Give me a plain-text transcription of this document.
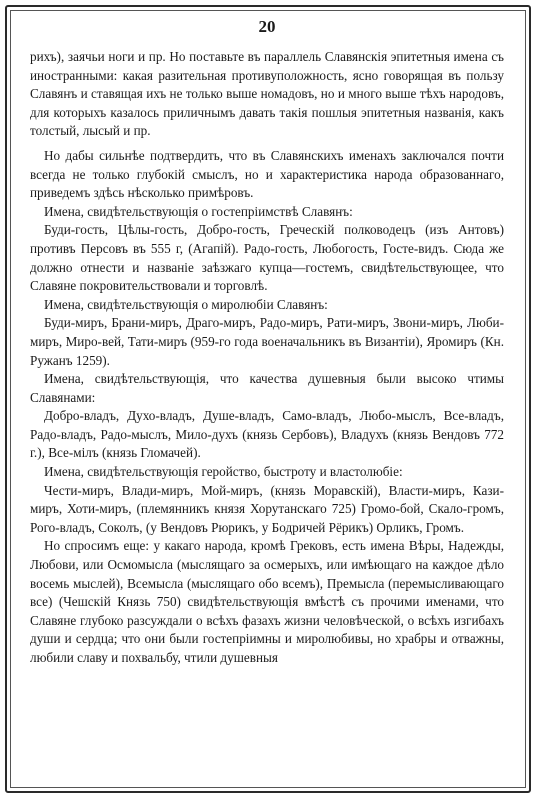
20

рихъ), заячьи ноги и пр. Но поставьте въ параллель Славянскія эпитетныя имена съ иностранными: какая разительная противуположность, ясно говорящая въ пользу Славянъ и ставящая ихъ не только выше номадовъ, но и много выше тѣхъ народовъ, для которыхъ казалось приличнымъ давать такія пошлыя эпитетныя названія, какъ толстый, лысый и пр.

Но дабы сильнѣе подтвердить, что въ Славянскихъ именахъ заключался почти всегда не только глубокій смыслъ, но и характеристика народа образованнаго, приведемъ здѣсь нѣсколько примѣровъ.

Имена, свидѣтельствующія о гостепріимствѣ Славянъ:

Буди-гость, Цѣлы-гость, Добро-гость, Греческій полководецъ (изъ Антовъ) противъ Персовъ въ 555 г, (Агапій). Радо-гость, Любогость, Госте-видъ. Сюда же должно отнести и названіе заѣзжаго купца—гостемъ, свидѣтельствующее, что Славяне покровительствовали и торговлѣ.

Имена, свидѣтельствующія о миролюбіи Славянъ:

Буди-миръ, Брани-миръ, Драго-миръ, Радо-миръ, Рати-миръ, Звони-миръ, Люби-миръ, Миро-вей, Тати-миръ (959-го года военачальникъ въ Византіи), Яромиръ (Кн. Ружанъ 1259).

Имена, свидѣтельствующія, что качества душевныя были высоко чтимы Славянами:

Добро-владъ, Духо-владъ, Душе-владъ, Само-владъ, Любо-мыслъ, Все-владъ, Радо-владъ, Радо-мыслъ, Мило-духъ (князь Сербовъ), Владухъ (князь Вендовъ 772 г.), Все-мілъ (князь Гломачей).

Имена, свидѣтельствующія геройство, быстроту и властолюбіе:

Чести-миръ, Влади-миръ, Мой-миръ, (князь Моравскій), Власти-миръ, Кази-миръ, Хоти-миръ, (племянникъ князя Хорутанскаго 725) Громо-бой, Скало-громъ, Рого-владъ, Соколъ, (у Вендовъ Рюрикъ, у Бодричей Рёрикъ) Орликъ, Громъ.

Но спросимъ еще: у какаго народа, кромѣ Грековъ, есть имена Вѣры, Надежды, Любови, или Осмомысла (мыслящаго за осмерыхъ, или имѣющаго на каждое дѣло восемь мыслей), Всемысла (мыслящаго обо всемъ), Премысла (перемысливающаго все) (Чешскій Князь 750) свидѣтельствующія вмѣстѣ съ прочими именами, что Славяне глубоко разсуждали о всѣхъ фазахъ жизни человѣческой, о всѣхъ изгибахъ души и сердца; что они были гостепріимны и миролюбивы, но храбры и отважны, любили славу и похвальбу, чтили душевныя
